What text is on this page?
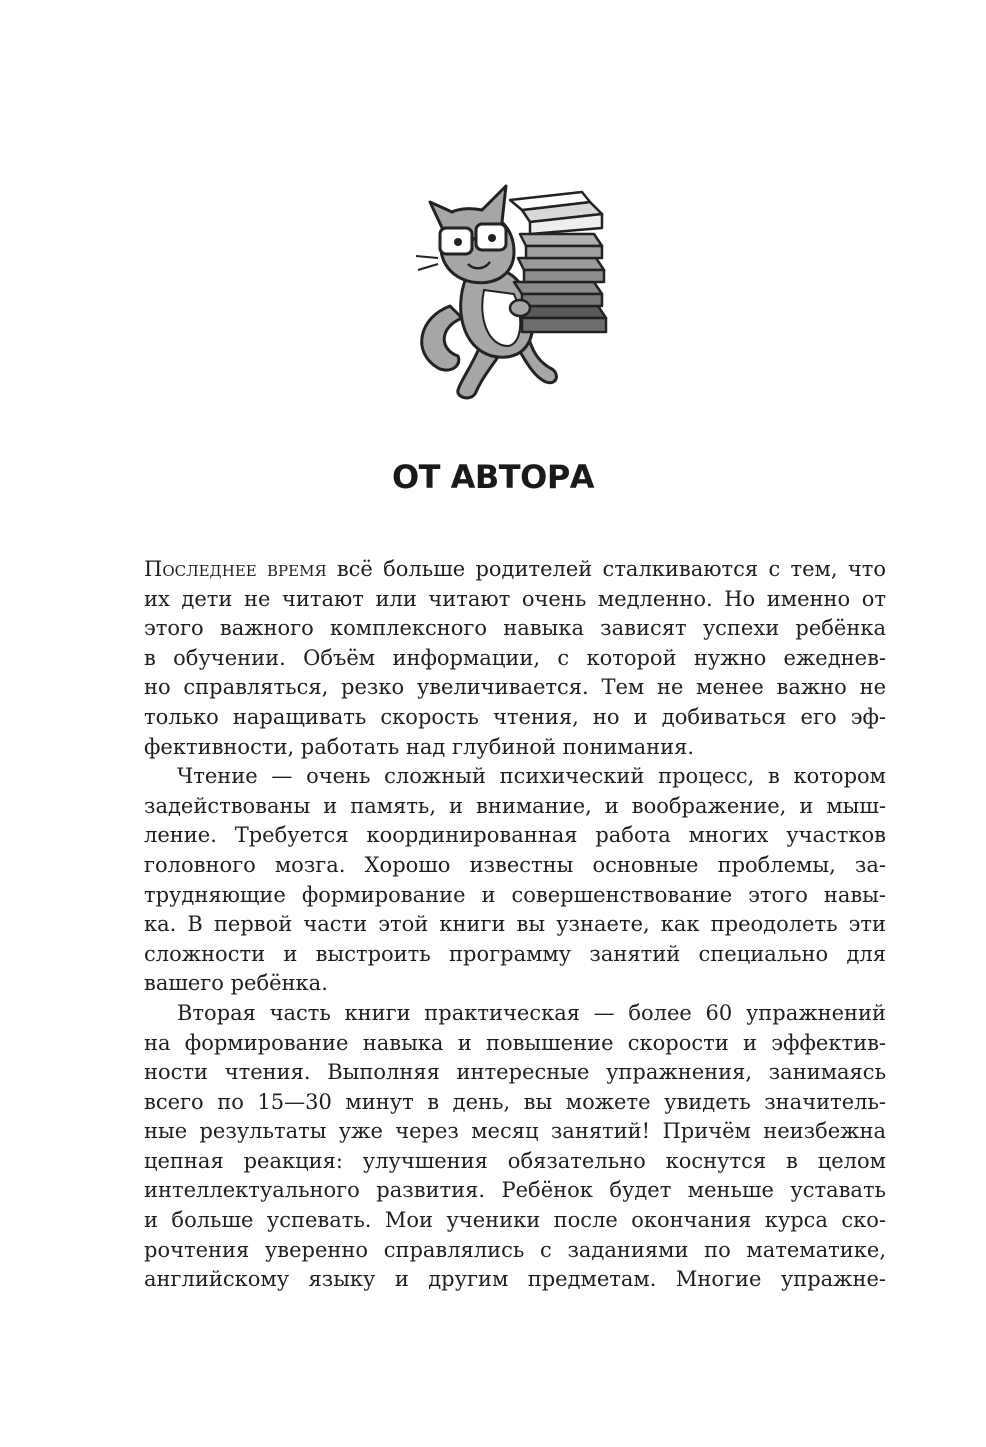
ОТ АВТОРА
Последнее время всё больше родителей сталкиваются с тем, что
их дети не читают или читают очень медленно. Но именно от
этого важного комплексного навыка зависят успехи ребёнка
в обучении. Объём информации, с которой нужно ежеднев-
но справляться, резко увеличивается. Тем не менее важно не
только наращивать скорость чтения, но и добиваться его эф-
фективности, работать над глубиной понимания.
Чтение — очень сложный психический процесс, в котором
задействованы и память, и внимание, и воображение, и мыш-
ление. Требуется координированная работа многих участков
головного мозга. Хорошо известны основные проблемы, за-
трудняющие формирование и совершенствование этого навы-
ка. В первой части этой книги вы узнаете, как преодолеть эти
сложности и выстроить программу занятий специально для
вашего ребёнка.
Вторая часть книги практическая — более 60 упражнений
на формирование навыка и повышение скорости и эффектив-
ности чтения. Выполняя интересные упражнения, занимаясь
всего по 15—30 минут в день, вы можете увидеть значитель-
ные результаты уже через месяц занятий! Причём неизбежна
цепная реакция: улучшения обязательно коснутся в целом
интеллектуального развития. Ребёнок будет меньше уставать
и больше успевать. Мои ученики после окончания курса ско-
рочтения уверенно справлялись с заданиями по математике,
английскому языку и другим предметам. Многие упражне-
